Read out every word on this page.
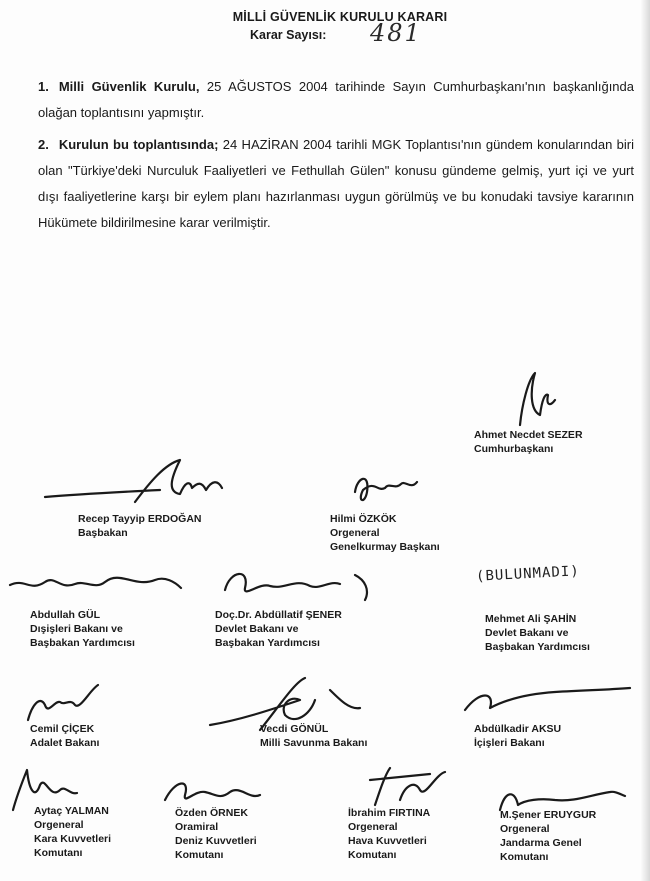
MİLLİ GÜVENLİK KURULU KARARI
Karar Sayısı: 481
1. Milli Güvenlik Kurulu, 25 AĞUSTOS 2004 tarihinde Sayın Cumhurbaşkanı'nın başkanlığında olağan toplantısını yapmıştır.
2. Kurulun bu toplantısında; 24 HAZİRAN 2004 tarihli MGK Toplantısı'nın gündem konularından biri olan "Türkiye'deki Nurculuk Faaliyetleri ve Fethullah Gülen" konusu gündeme gelmiş, yurt içi ve yurt dışı faaliyetlerine karşı bir eylem planı hazırlanması uygun görülmüş ve bu konudaki tavsiye kararının Hükümete bildirilmesine karar verilmiştir.
(BULUNMADI)
Ahmet Necdet SEZER
Cumhurbaşkanı
Recep Tayyip ERDOĞAN
Başbakan
Hilmi ÖZKÖK
Orgeneral
Genelkurmay Başkanı
Abdullah GÜL
Dışişleri Bakanı ve
Başbakan Yardımcısı
Doç.Dr. Abdüllatif ŞENER
Devlet Bakanı ve
Başbakan Yardımcısı
Mehmet Ali ŞAHİN
Devlet Bakanı ve
Başbakan Yardımcısı
Cemil ÇİÇEK
Adalet Bakanı
Vecdi GÖNÜL
Milli Savunma Bakanı
Abdülkadir AKSU
İçişleri Bakanı
Aytaç YALMAN
Orgeneral
Kara Kuvvetleri
Komutanı
Özden ÖRNEK
Oramiral
Deniz Kuvvetleri
Komutanı
İbrahim FIRTINA
Orgeneral
Hava Kuvvetleri
Komutanı
M.Şener ERUYGUR
Orgeneral
Jandarma Genel
Komutanı
